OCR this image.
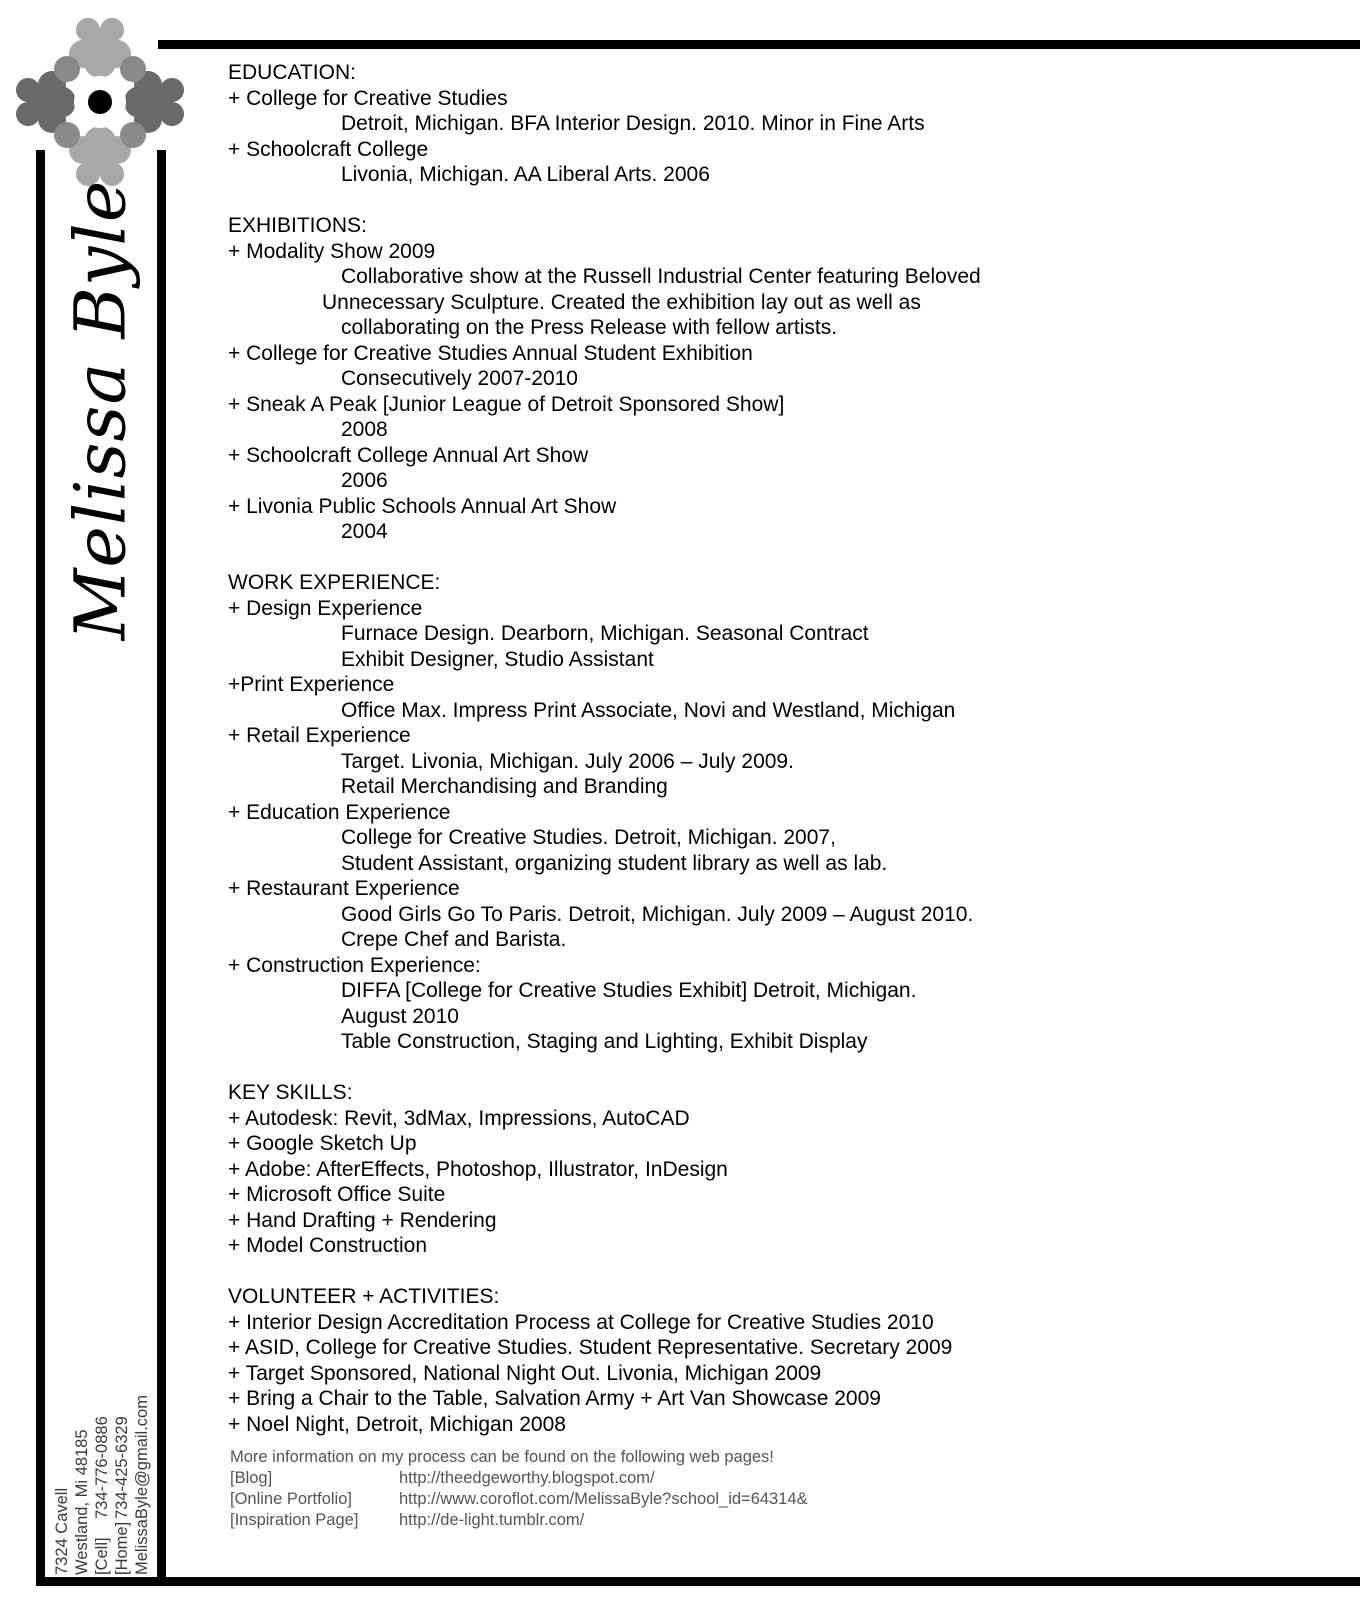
Melissa Byle
7324 Cavell Westland, Mi 48185 [Cell]734-776-0886
[Home]734-425-6329 MelissaByle@gmail.com
EDUCATION:
+ College for Creative Studies
Detroit, Michigan. BFA Interior Design. 2010. Minor in Fine Arts
+ Schoolcraft College
Livonia, Michigan. AA Liberal Arts. 2006
EXHIBITIONS:
+ Modality Show 2009
Collaborative show at the Russell Industrial Center featuring Beloved
Unnecessary Sculpture. Created the exhibition lay out as well as
collaborating on the Press Release with fellow artists.
+ College for Creative Studies Annual Student Exhibition
Consecutively 2007-2010
+ Sneak A Peak [Junior League of Detroit Sponsored Show]
2008
+ Schoolcraft College Annual Art Show
2006
+ Livonia Public Schools Annual Art Show
2004
WORK EXPERIENCE:
+ Design Experience
Furnace Design. Dearborn, Michigan. Seasonal Contract
Exhibit Designer, Studio Assistant
+Print Experience
Office Max. Impress Print Associate, Novi and Westland, Michigan
+ Retail Experience
Target. Livonia, Michigan. July 2006 – July 2009.
Retail Merchandising and Branding
+ Education Experience
College for Creative Studies. Detroit, Michigan. 2007,
Student Assistant, organizing student library as well as lab.
+ Restaurant Experience
Good Girls Go To Paris. Detroit, Michigan. July 2009 – August 2010.
Crepe Chef and Barista.
+ Construction Experience:
DIFFA [College for Creative Studies Exhibit] Detroit, Michigan.
August 2010
Table Construction, Staging and Lighting, Exhibit Display
KEY SKILLS:
+ Autodesk: Revit, 3dMax, Impressions, AutoCAD
+ Google Sketch Up
+ Adobe: AfterEffects, Photoshop, Illustrator, InDesign
+ Microsoft Office Suite
+ Hand Drafting + Rendering
+ Model Construction
VOLUNTEER + ACTIVITIES:
+ Interior Design Accreditation Process at College for Creative Studies 2010
+ ASID, College for Creative Studies. Student Representative. Secretary 2009
+ Target Sponsored, National Night Out. Livonia, Michigan 2009
+ Bring a Chair to the Table, Salvation Army + Art Van Showcase 2009
+ Noel Night, Detroit, Michigan 2008
More information on my process can be found on the following web pages!
[Blog]	http://theedgeworthy.blogspot.com/
[Online Portfolio]	http://www.coroflot.com/MelissaByle?school_id=64314&
[Inspiration Page] http://de-light.tumblr.com/
